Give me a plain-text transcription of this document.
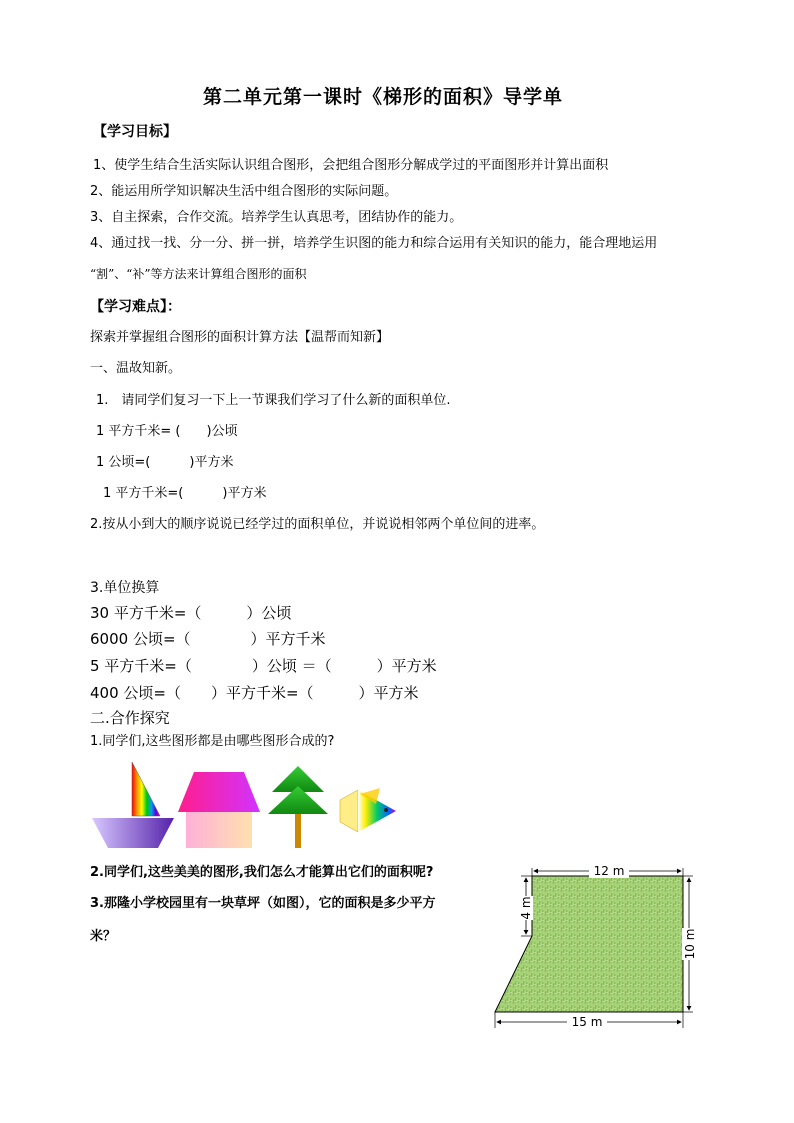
第二单元第一课时《梯形的面积》导学单
【学习目标】
1、使学生结合生活实际认识组合图形，会把组合图形分解成学过的平面图形并计算出面积
2、能运用所学知识解决生活中组合图形的实际问题。
3、自主探索，合作交流。培养学生认真思考，团结协作的能力。
4、通过找一找、分一分、拼一拼，培养学生识图的能力和综合运用有关知识的能力，能合理地运用
“割”、“补”等方法来计算组合图形的面积
【学习难点】：
探索并掌握组合图形的面积计算方法【温帮而知新】
一、温故知新。
1.　请同学们复习一下上一节课我们学习了什么新的面积单位.
1 平方千米= (　　)公顷
1 公顷=(　　　)平方米
1 平方千米=(　　　)平方米
2.按从小到大的顺序说说已经学过的面积单位，并说说相邻两个单位间的进率。
3.单位换算
30 平方千米=（　　　）公顷
6000 公顷=（　　　　）平方千米
5 平方千米=（　　　　）公顷 ＝（　　　）平方米
400 公顷=（　　）平方千米=（　　　）平方米
二.合作探究
1.同学们,这些图形都是由哪些图形合成的?
2.同学们,这些美美的图形,我们怎么才能算出它们的面积呢?
3.那隆小学校园里有一块草坪（如图），它的面积是多少平方
米？
12 m
4 m
10 m
15 m
